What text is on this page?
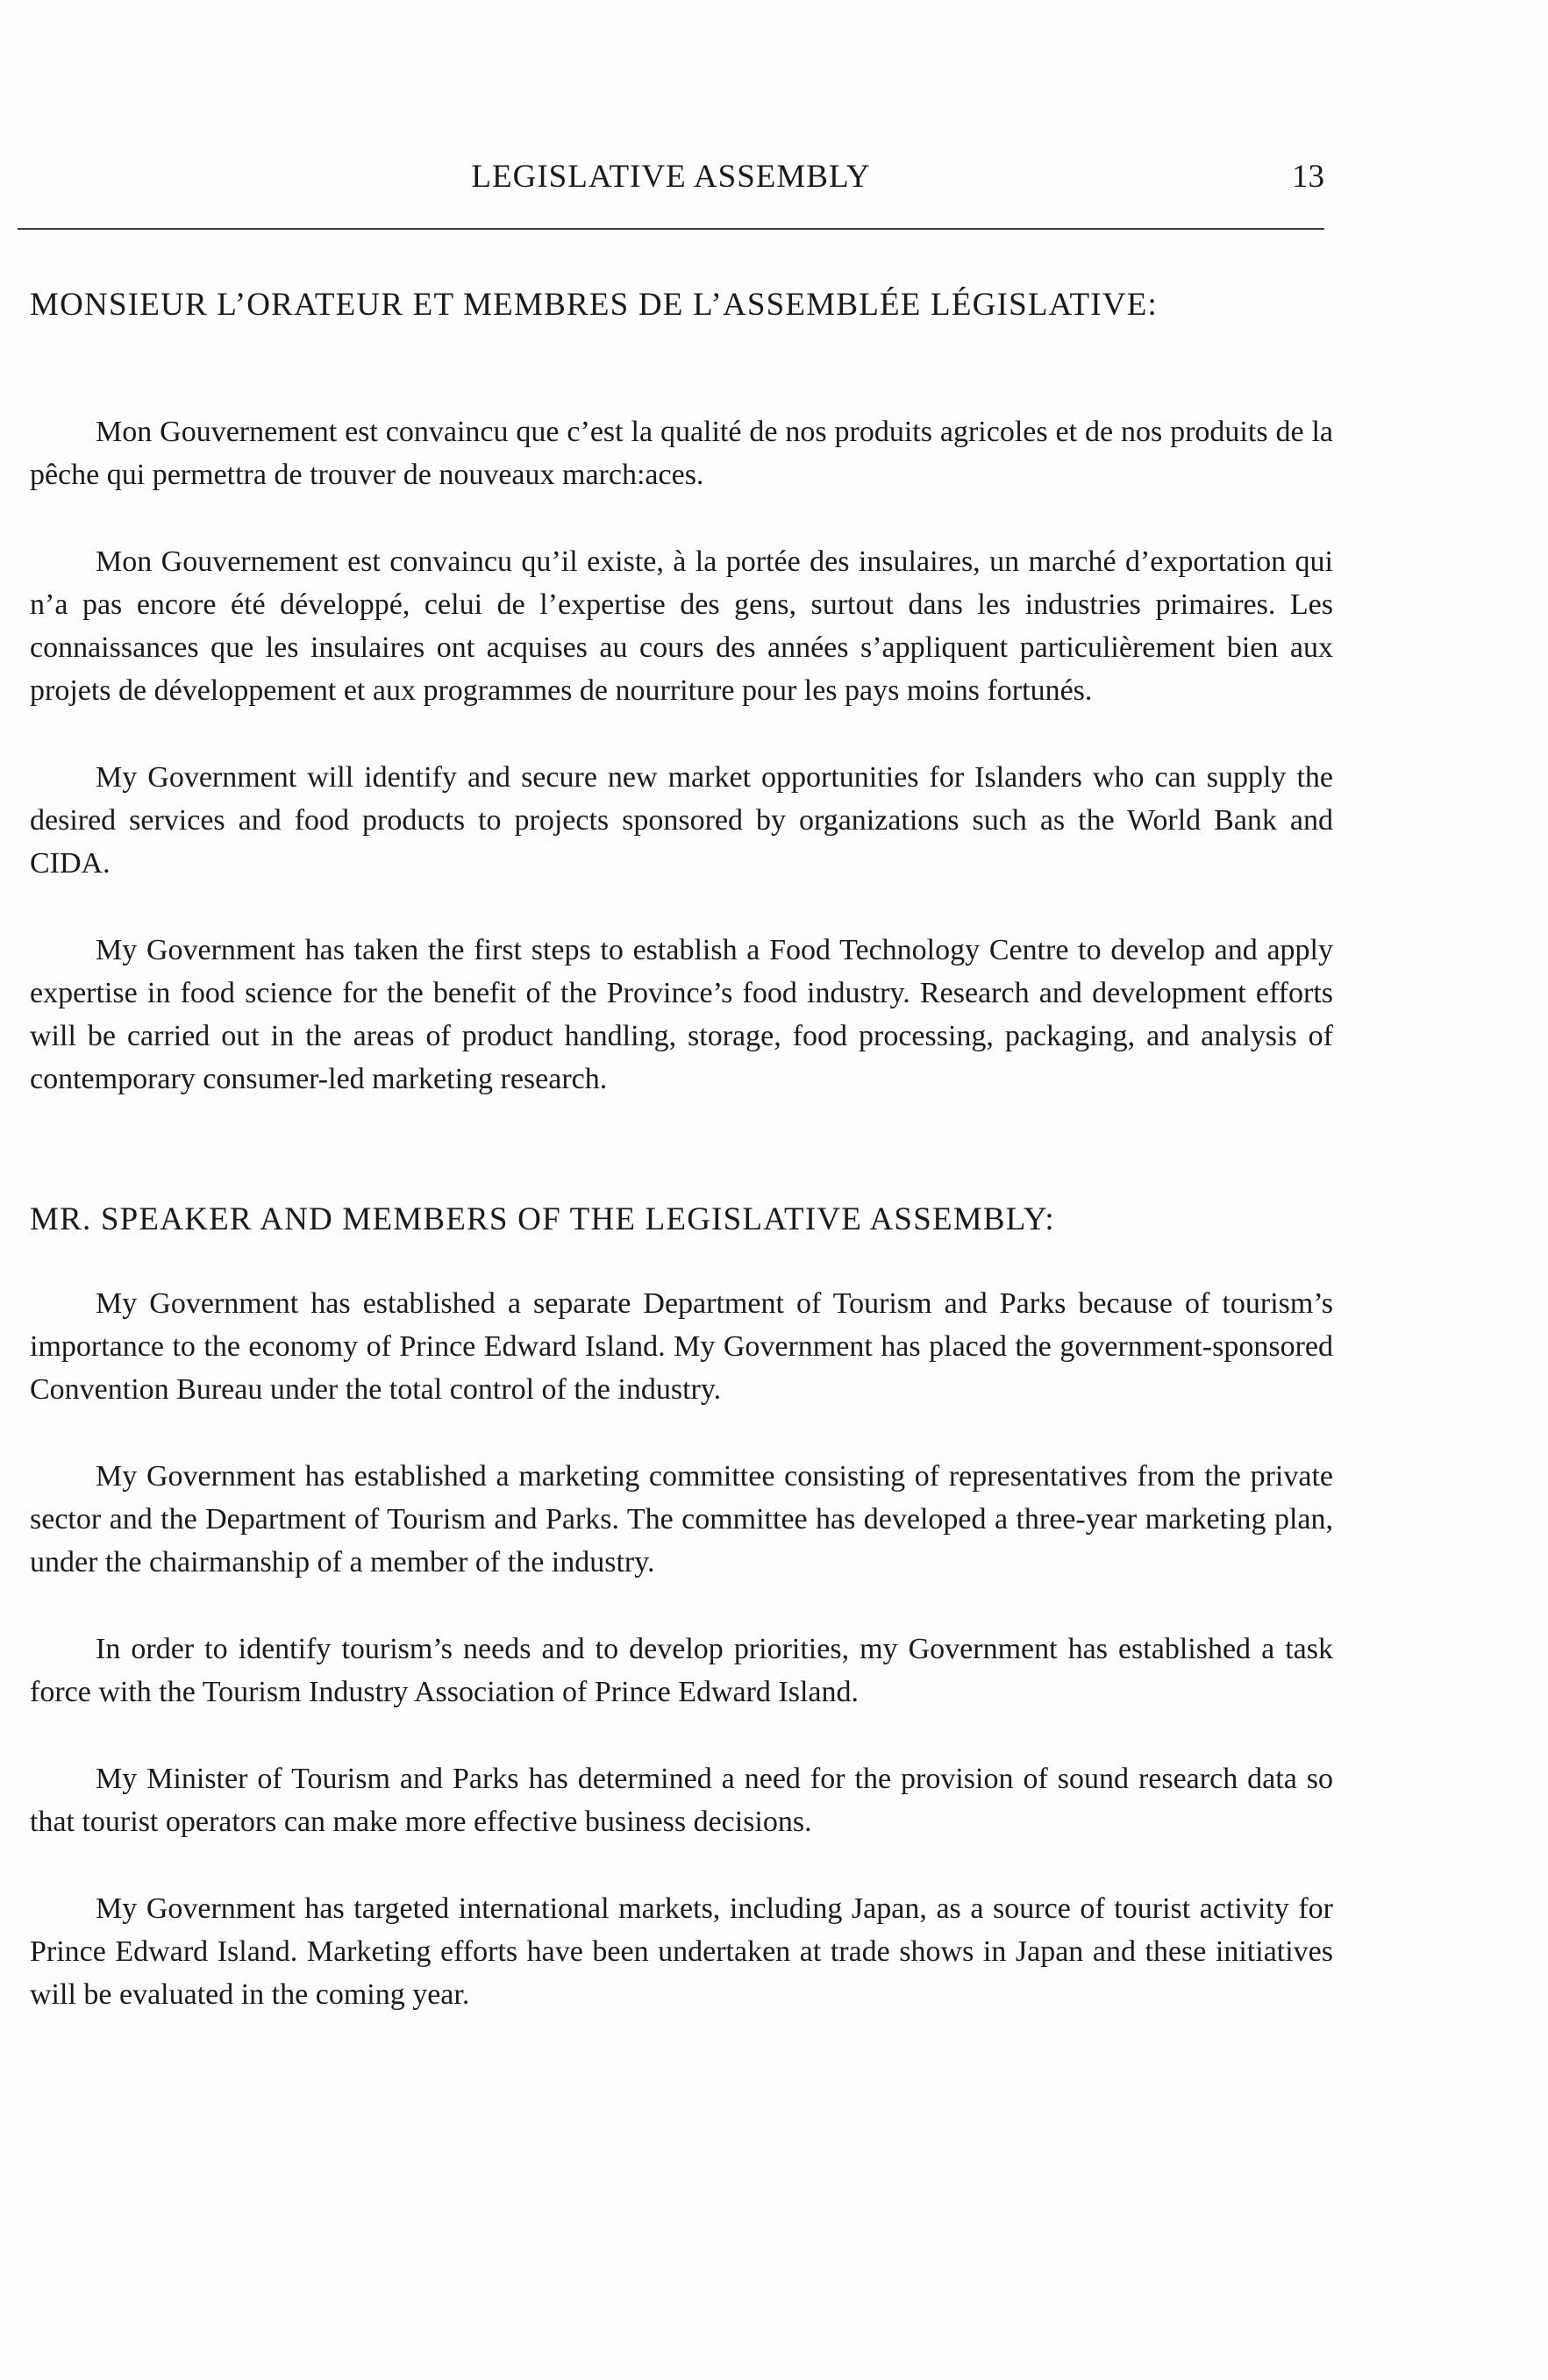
LEGISLATIVE ASSEMBLY	13
MONSIEUR L’ORATEUR ET MEMBRES DE L’ASSEMBLÉE LÉGISLATIVE:

Mon Gouvernement est convaincu que c’est la qualité de nos produits agricoles et de nos produits de la pêche qui permettra de trouver de nouveaux march:aces.

Mon Gouvernement est convaincu qu’il existe, à la portée des insulaires, un marché d’exportation qui n’a pas encore été développé, celui de l’expertise des gens, surtout dans les industries primaires. Les connaissances que les insulaires ont acquises au cours des années s’appliquent particulièrement bien aux projets de développement et aux programmes de nourriture pour les pays moins fortunés.

My Government will identify and secure new market opportunities for Islanders who can supply the desired services and food products to projects sponsored by organizations such as the World Bank and CIDA.

My Government has taken the first steps to establish a Food Technology Centre to develop and apply expertise in food science for the benefit of the Province’s food industry. Research and development efforts will be carried out in the areas of product handling, storage, food processing, packaging, and analysis of contemporary consumer-led marketing research.

MR. SPEAKER AND MEMBERS OF THE LEGISLATIVE ASSEMBLY:

My Government has established a separate Department of Tourism and Parks because of tourism’s importance to the economy of Prince Edward Island. My Government has placed the government-sponsored Convention Bureau under the total control of the industry.

My Government has established a marketing committee consisting of representatives from the private sector and the Department of Tourism and Parks. The committee has developed a three-year marketing plan, under the chairmanship of a member of the industry.

In order to identify tourism’s needs and to develop priorities, my Government has established a task force with the Tourism Industry Association of Prince Edward Island.

My Minister of Tourism and Parks has determined a need for the provision of sound research data so that tourist operators can make more effective business decisions.

My Government has targeted international markets, including Japan, as a source of tourist activity for Prince Edward Island. Marketing efforts have been undertaken at trade shows in Japan and these initiatives will be evaluated in the coming year.
